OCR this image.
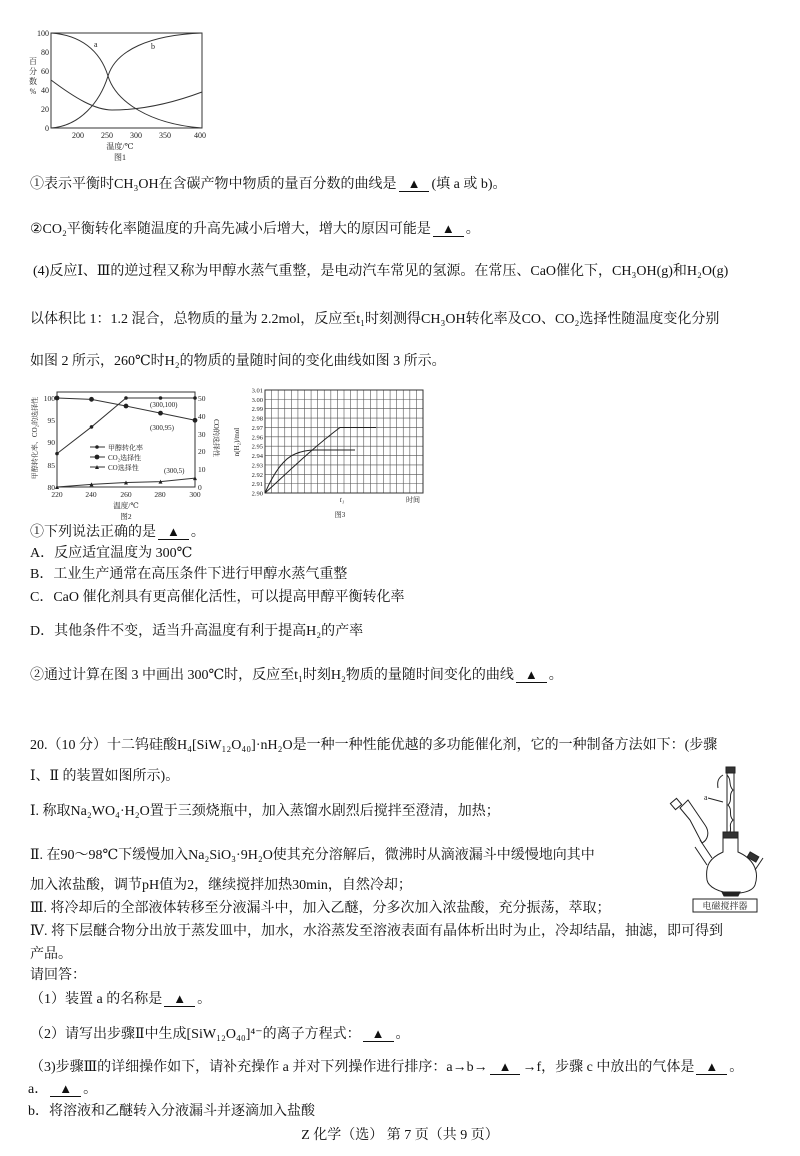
a	b
0
20
40
60
80
100
200 250 300 350	400
百
分
数
%
温度/℃
图1
①表示平衡时CH₃OH在含碳产物中物质的量百分数的曲线是 ▲ (填 a 或 b)。
②CO₂平衡转化率随温度的升高先减小后增大，增大的原因可能是 ▲ 。
(4)反应Ⅰ、Ⅲ的逆过程又称为甲醇水蒸气重整，是电动汽车常见的氢源。在常压、CaO催化下，CH₃OH(g)和H₂O(g)
以体积比 1：1.2 混合，总物质的量为 2.2mol，反应至t₁时刻测得CH₃OH转化率及CO、CO₂选择性随温度变化分别
如图 2 所示，260℃时H₂的物质的量随时间的变化曲线如图 3 所示。
80
85
90
95
100
0
10
20
30
40
50
220	240	260	280	300
温度/℃
图2
甲醇转化率、CO₂的选择性	CO的选择性
(300,100)
(300,95)
(300,5)
甲醇转化率
CO₂选择性
CO选择性
2.90
2.91
2.92
2.93
2.94
2.95
2.96
2.97
2.98
2.99
3.00
3.01
t₁	时间
图3
n(H₂)/mol
①下列说法正确的是 ▲ 。
A．反应适宜温度为 300℃
B．工业生产通常在高压条件下进行甲醇水蒸气重整
C．CaO 催化剂具有更高催化活性，可以提高甲醇平衡转化率
D．其他条件不变，适当升高温度有利于提高H₂的产率
②通过计算在图 3 中画出 300℃时，反应至t₁时刻H₂物质的量随时间变化的曲线 ▲ 。
20.（10 分）十二钨硅酸H₄[SiW₁₂O₄₀]·nH₂O是一种一种性能优越的多功能催化剂，它的一种制备方法如下：(步骤
Ⅰ、Ⅱ 的装置如图所示)。
Ⅰ. 称取Na₂WO₄·H₂O置于三颈烧瓶中，加入蒸馏水剧烈后搅拌至澄清，加热；
Ⅱ. 在90～98℃下缓慢加入Na₂SiO₃·9H₂O使其充分溶解后，微沸时从滴液漏斗中缓慢地向其中
加入浓盐酸，调节pH值为2，继续搅拌加热30min，自然冷却；
Ⅲ. 将冷却后的全部液体转移至分液漏斗中，加入乙醚，分多次加入浓盐酸，充分振荡，萃取；
Ⅳ. 将下层醚合物分出放于蒸发皿中，加水，水浴蒸发至溶液表面有晶体析出时为止，冷却结晶，抽滤，即可得到
产品。
请回答：
（1）装置 a 的名称是 ▲ 。
（2）请写出步骤Ⅱ中生成[SiW₁₂O₄₀]⁴⁻的离子方程式： ▲ 。
（3)步骤Ⅲ的详细操作如下，请补充操作 a 并对下列操作进行排序：a→b→ ▲ →f，步骤 c 中放出的气体是 ▲ 。
a． ▲ 。
b．将溶液和乙醚转入分液漏斗并逐滴加入盐酸
Z 化学（选） 第 7 页（共 9 页）
电磁搅拌器
a
